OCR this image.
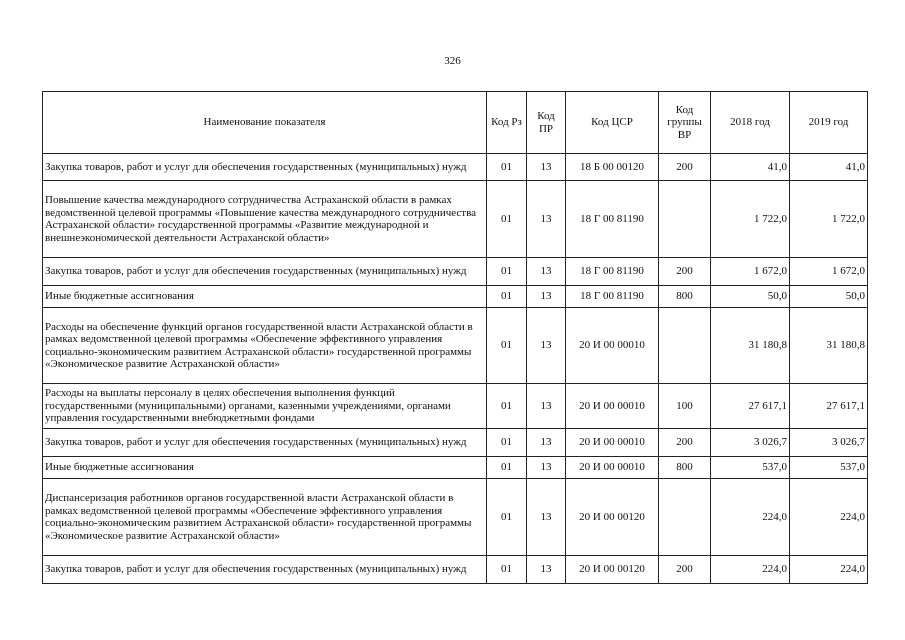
326
Наименование показателя	Код Рз	Код ПР	Код ЦСР	Код группы ВР	2018 год	2019 год
Закупка товаров, работ и услуг для обеспечения государственных (муниципальных) нужд	01	13	18 Б 00 00120	200	41,0	41,0
Повышение качества международного сотрудничества Астраханской области в рамках ведомственной целевой программы «Повышение качества международного сотрудничества Астраханской области» государственной программы «Развитие международной и внешнеэкономической деятельности Астраханской области»	01	13	18 Г 00 81190		1 722,0	1 722,0
Закупка товаров, работ и услуг для обеспечения государственных (муниципальных) нужд	01	13	18 Г 00 81190	200	1 672,0	1 672,0
Иные бюджетные ассигнования	01	13	18 Г 00 81190	800	50,0	50,0
Расходы на обеспечение функций органов государственной власти Астраханской области в рамках ведомственной целевой программы «Обеспечение эффективного управления социально-экономическим развитием Астраханской области» государственной программы «Экономическое развитие Астраханской области»	01	13	20 И 00 00010		31 180,8	31 180,8
Расходы на выплаты персоналу в целях обеспечения выполнения функций государственными (муниципальными) органами, казенными учреждениями, органами управления государственными внебюджетными фондами	01	13	20 И 00 00010	100	27 617,1	27 617,1
Закупка товаров, работ и услуг для обеспечения государственных (муниципальных) нужд	01	13	20 И 00 00010	200	3 026,7	3 026,7
Иные бюджетные ассигнования	01	13	20 И 00 00010	800	537,0	537,0
Диспансеризация работников органов государственной власти Астраханской области в рамках ведомственной целевой программы «Обеспечение эффективного управления социально-экономическим развитием Астраханской области» государственной программы «Экономическое развитие Астраханской области»	01	13	20 И 00 00120		224,0	224,0
Закупка товаров, работ и услуг для обеспечения государственных (муниципальных) нужд	01	13	20 И 00 00120	200	224,0	224,0
